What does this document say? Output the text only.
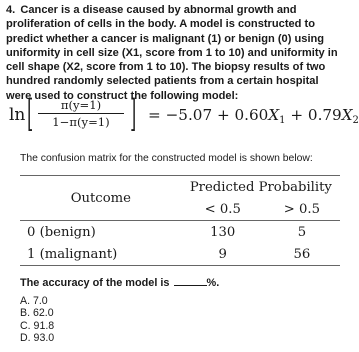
4. Cancer is a disease caused by abnormal growth and proliferation of cells in the body. A model is constructed to predict whether a cancer is malignant (1) or benign (0) using uniformity in cell size (X1, score from 1 to 10) and uniformity in cell shape (X2, score from 1 to 10). The biopsy results of two hundred randomly selected patients from a certain hospital were used to construct the following model:
ln [	π(y=1)
1−π(y=1) ] = $-5.07 + 0.60X_1 + 0.79X_2$
The confusion matrix for the constructed model is shown below:
Outcome	Predicted Probability	
	< 0.5	> 0.5
0 (benign)	130	5
1 (malignant)	9	56
The accuracy of the model is	%.
A. 7.0
B. 62.0
C. 91.8
D. 93.0
